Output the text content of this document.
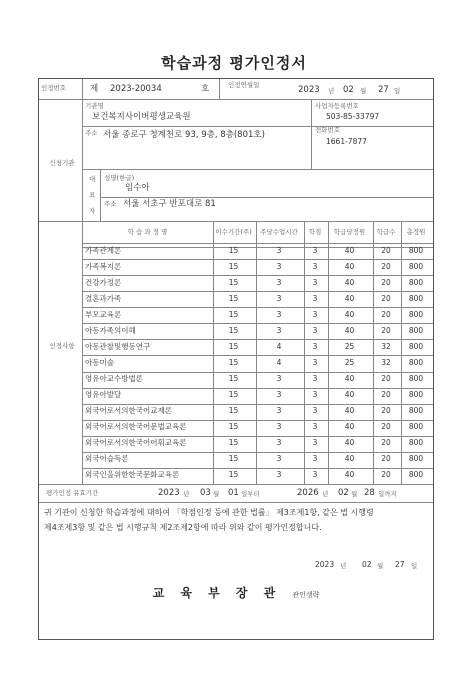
학습과정 평가인정서
인정번호	제 2023-20034	호	인정연월일	2023 년 02 월 27 일
신청기관
기관명
보건복지사이버평생교육원
사업자등록번호
503-85-33797
주소 서울 종로구 청계천로 93, 9층, 8층(801호)	전화번호
1661-7877
대
표
자
성명(한글)
임수아
주소 서울 서초구 반포대로 81
인정사항
학 습 과 정 명	이수기간(주)	주당수업시간	학점	학급당정원	학급수	총정원
가족관계론	15	3	3	40	20	800
가족복지론	15	3	3	40	20	800
건강가정론	15	3	3	40	20	800
결혼과가족	15	3	3	40	20	800
부모교육론	15	3	3	40	20	800
아동가족의이해	15	3	3	40	20	800
아동관찰및행동연구	15	4	3	25	32	800
아동미술	15	4	3	25	32	800
영유아교수방법론	15	3	3	40	20	800
영유아발달	15	3	3	40	20	800
외국어로서의한국어교재론	15	3	3	40	20	800
외국어로서의한국어문법교육론	15	3	3	40	20	800
외국어로서의한국어어휘교육론	15	3	3	40	20	800
외국어습득론	15	3	3	40	20	800
외국인을위한한국문화교육론	15	3	3	40	20	800
평가인정 유효기간	2023 년 03 월 01 일부터	2026 년 02 월 28 일까지
귀 기관이 신청한 학습과정에 대하여 「학점인정 등에 관한 법률」 제3조제1항, 같은 법 시행령
제4조제3항 및 같은 법 시행규칙 제2조제2항에 따라 위와 같이 평가인정합니다.
2023 년 02 월 27 일
교 육 부 장 관 관인생략
